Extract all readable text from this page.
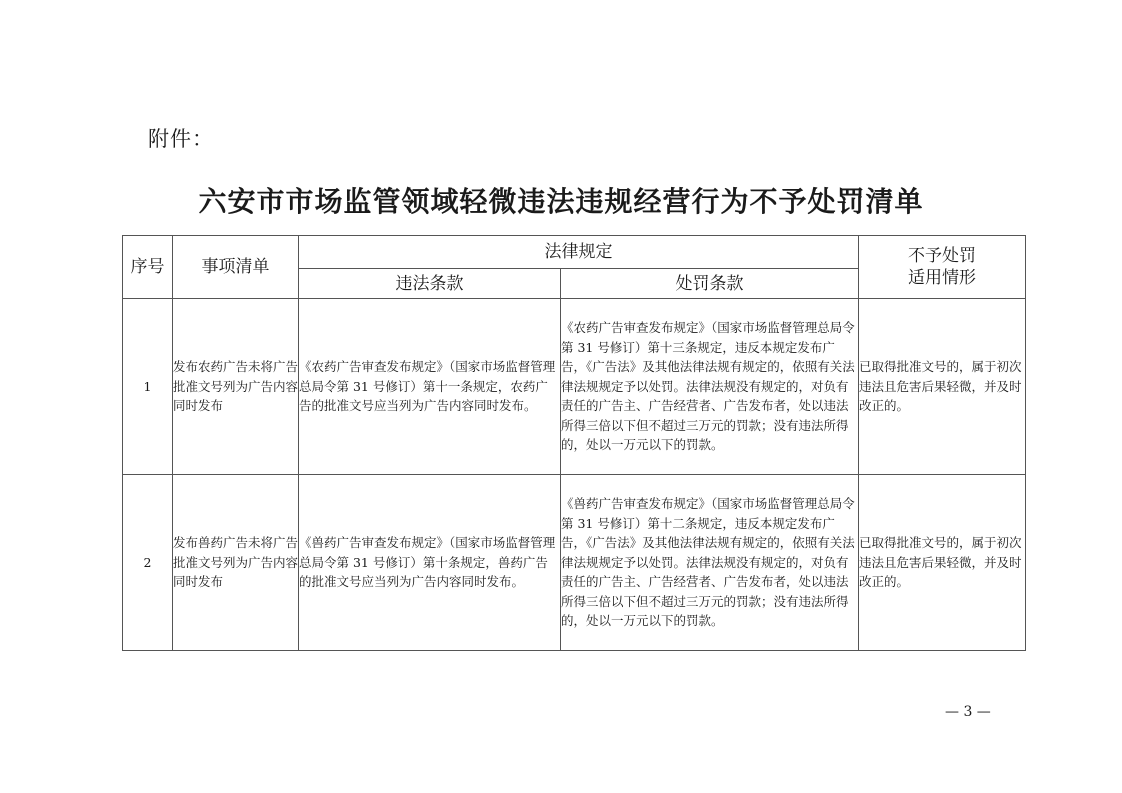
附件：
六安市市场监管领域轻微违法违规经营行为不予处罚清单
序号	事项清单	法律规定		不予处罚
适用情形
		违法条款	处罚条款	
1	发布农药广告未将广告批准文号列为广告内容同时发布	《农药广告审查发布规定》（国家市场监督管理总局令第 31 号修订）第十一条规定，农药广告的批准文号应当列为广告内容同时发布。	《农药广告审查发布规定》（国家市场监督管理总局令第 31 号修订）第十三条规定，违反本规定发布广告，《广告法》及其他法律法规有规定的，依照有关法律法规规定予以处罚。法律法规没有规定的，对负有责任的广告主、广告经营者、广告发布者，处以违法所得三倍以下但不超过三万元的罚款；没有违法所得的，处以一万元以下的罚款。	已取得批准文号的，属于初次违法且危害后果轻微，并及时改正的。
2	发布兽药广告未将广告批准文号列为广告内容同时发布	《兽药广告审查发布规定》（国家市场监督管理总局令第 31 号修订）第十条规定，兽药广告的批准文号应当列为广告内容同时发布。	《兽药广告审查发布规定》（国家市场监督管理总局令第 31 号修订）第十二条规定，违反本规定发布广告，《广告法》及其他法律法规有规定的，依照有关法律法规规定予以处罚。法律法规没有规定的，对负有责任的广告主、广告经营者、广告发布者，处以违法所得三倍以下但不超过三万元的罚款；没有违法所得的，处以一万元以下的罚款。	已取得批准文号的，属于初次违法且危害后果轻微，并及时改正的。
— 3 —
